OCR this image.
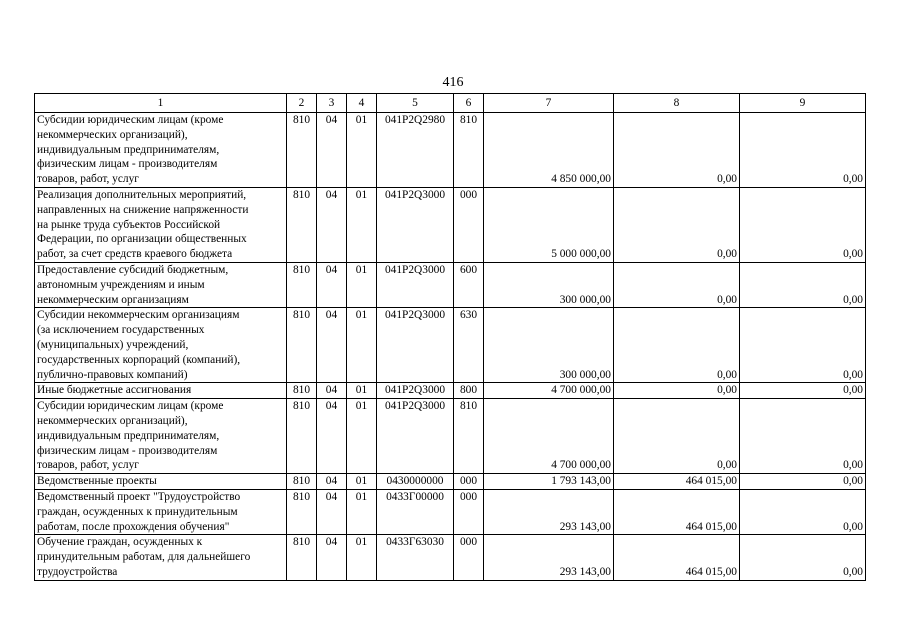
416
1	2	3	4	5	6	7	8	9
Субсидии юридическим лицам (кроме
некоммерческих организаций),
индивидуальным предпринимателям,
физическим лицам - производителям
товаров, работ, услуг	810	04	01	041P2Q2980	810	4 850 000,00	0,00	0,00
Реализация дополнительных мероприятий,
направленных на снижение напряженности
на рынке труда субъектов Российской
Федерации, по организации общественных
работ, за счет средств краевого бюджета	810	04	01	041P2Q3000	000	5 000 000,00	0,00	0,00
Предоставление субсидий бюджетным,
автономным учреждениям и иным
некоммерческим организациям	810	04	01	041P2Q3000	600	300 000,00	0,00	0,00
Субсидии некоммерческим организациям
(за исключением государственных
(муниципальных) учреждений,
государственных корпораций (компаний),
публично-правовых компаний)	810	04	01	041P2Q3000	630	300 000,00	0,00	0,00
Иные бюджетные ассигнования	810	04	01	041P2Q3000	800	4 700 000,00	0,00	0,00
Субсидии юридическим лицам (кроме
некоммерческих организаций),
индивидуальным предпринимателям,
физическим лицам - производителям
товаров, работ, услуг	810	04	01	041P2Q3000	810	4 700 000,00	0,00	0,00
Ведомственные проекты	810	04	01	0430000000	000	1 793 143,00	464 015,00	0,00
Ведомственный проект "Трудоустройство
граждан, осужденных к принудительным
работам, после прохождения обучения"	810	04	01	0433Г00000	000	293 143,00	464 015,00	0,00
Обучение граждан, осужденных к
принудительным работам, для дальнейшего
трудоустройства	810	04	01	0433Г63030	000	293 143,00	464 015,00	0,00
